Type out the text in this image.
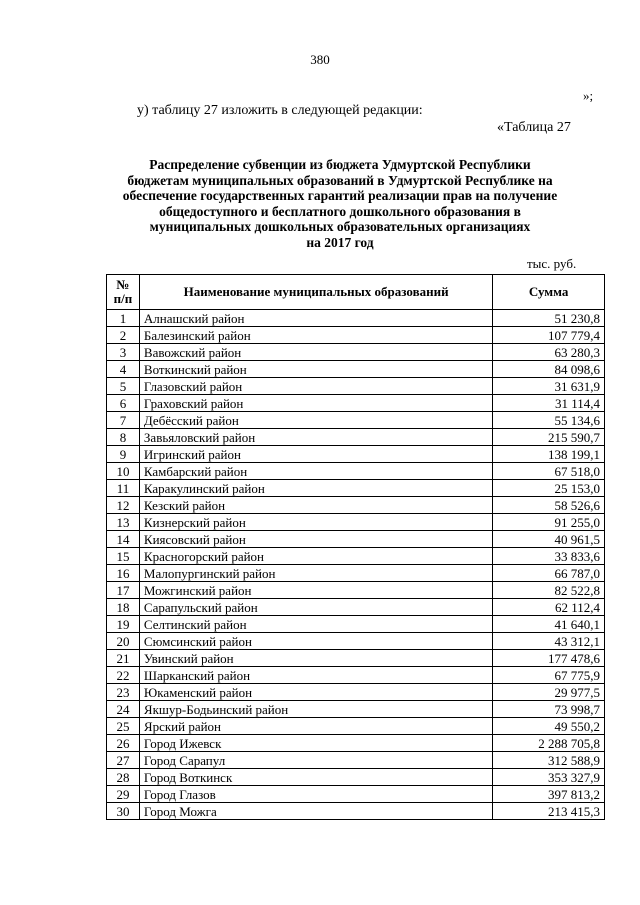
380
»;
у) таблицу 27 изложить в следующей редакции:
«Таблица 27
Распределение субвенции из бюджета Удмуртской Республики
бюджетам муниципальных образований в Удмуртской Республике на
обеспечение государственных гарантий реализации прав на получение
общедоступного и бесплатного дошкольного образования в
муниципальных дошкольных образовательных организациях
на 2017 год
тыс. руб.
№
п/п	Наименование муниципальных образований	Сумма
1	Алнашский район	51 230,8
2	Балезинский район	107 779,4
3	Вавожский район	63 280,3
4	Воткинский район	84 098,6
5	Глазовский район	31 631,9
6	Граховский район	31 114,4
7	Дебёсский район	55 134,6
8	Завьяловский район	215 590,7
9	Игринский район	138 199,1
10	Камбарский район	67 518,0
11	Каракулинский район	25 153,0
12	Кезский район	58 526,6
13	Кизнерский район	91 255,0
14	Киясовский район	40 961,5
15	Красногорский район	33 833,6
16	Малопургинский район	66 787,0
17	Можгинский район	82 522,8
18	Сарапульский район	62 112,4
19	Селтинский район	41 640,1
20	Сюмсинский район	43 312,1
21	Увинский район	177 478,6
22	Шарканский район	67 775,9
23	Юкаменский район	29 977,5
24	Якшур-Бодьинский район	73 998,7
25	Ярский район	49 550,2
26	Город Ижевск	2 288 705,8
27	Город Сарапул	312 588,9
28	Город Воткинск	353 327,9
29	Город Глазов	397 813,2
30	Город Можга	213 415,3
